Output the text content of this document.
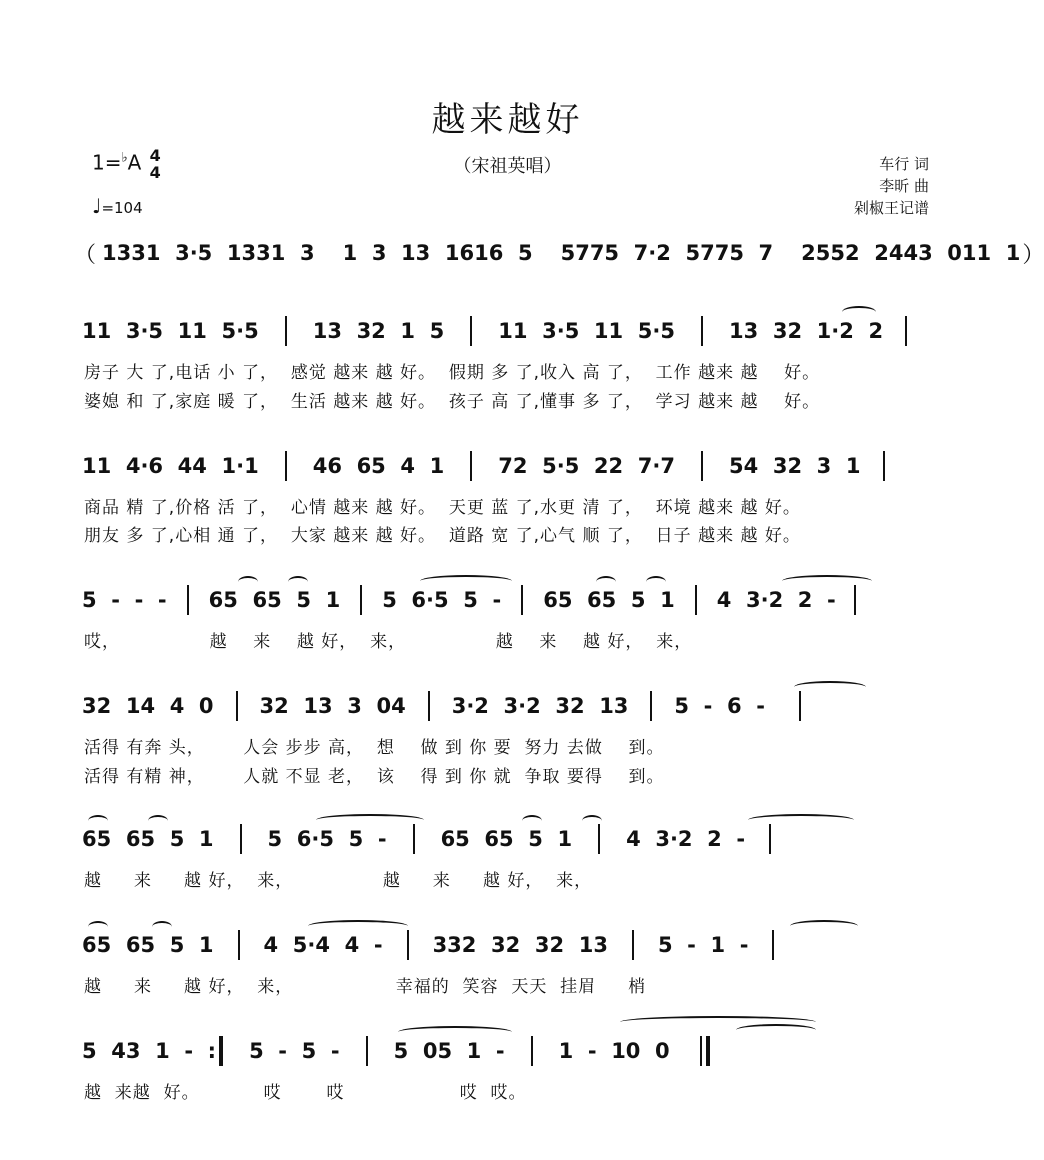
越来越好
（宋祖英唱）
1=♭A 4
4
♩=104
车行 词
李昕 曲
剁椒王记谱
（ 1331  3·5  1331  3 1  3  13  1616  5 5775  7·2  5775  7 2552  2443  011  1 ）
11  3·5  11  5·5	13  32  1  5	11  3·5  11  5·5	13  32  1·2  2
房子 大 了,电话 小 了，  感觉 越来 越 好。  假期 多 了,收入 高 了，  工作 越来 越    好。
婆媳 和 了,家庭 暖 了，  生活 越来 越 好。  孩子 高 了,懂事 多 了，  学习 越来 越    好。
11  4·6  44  1·1	46  65  4  1	72  5·5  22  7·7	54  32  3  1
商品 精 了,价格 活 了，  心情 越来 越 好。  天更 蓝 了,水更 清 了，  环境 越来 越 好。
朋友 多 了,心相 通 了，  大家 越来 越 好。  道路 宽 了,心气 顺 了，  日子 越来 越 好。
5  -  -  - 65  65  5  1 5  6·5  5  - 65  65  5  1 4  3·2  2  -
哎，              越    来    越 好，  来，              越    来    越 好，  来，
32  14  4  0 32  13  3  04 3·2  3·2  32  13 5  -  6  -
活得 有奔 头，      人会 步步 高，  想    做 到 你 要  努力 去做    到。
活得 有精 神，      人就 不显 老，  该    得 到 你 就  争取 要得    到。
65  65  5  1	5  6·5  5  -	65  65  5  1	4  3·2  2  -
越     来     越 好，  来，              越     来     越 好，  来，
65  65  5  1 4  5·4  4  - 332  32  32  13 5  -  1  -
越     来     越 好，  来，                幸福的  笑容  天天  挂眉     梢
5  43  1  -  :	5  -  5  -	5  05  1  -	1  -  10  0
越  来越  好。          哎       哎                  哎  哎。
